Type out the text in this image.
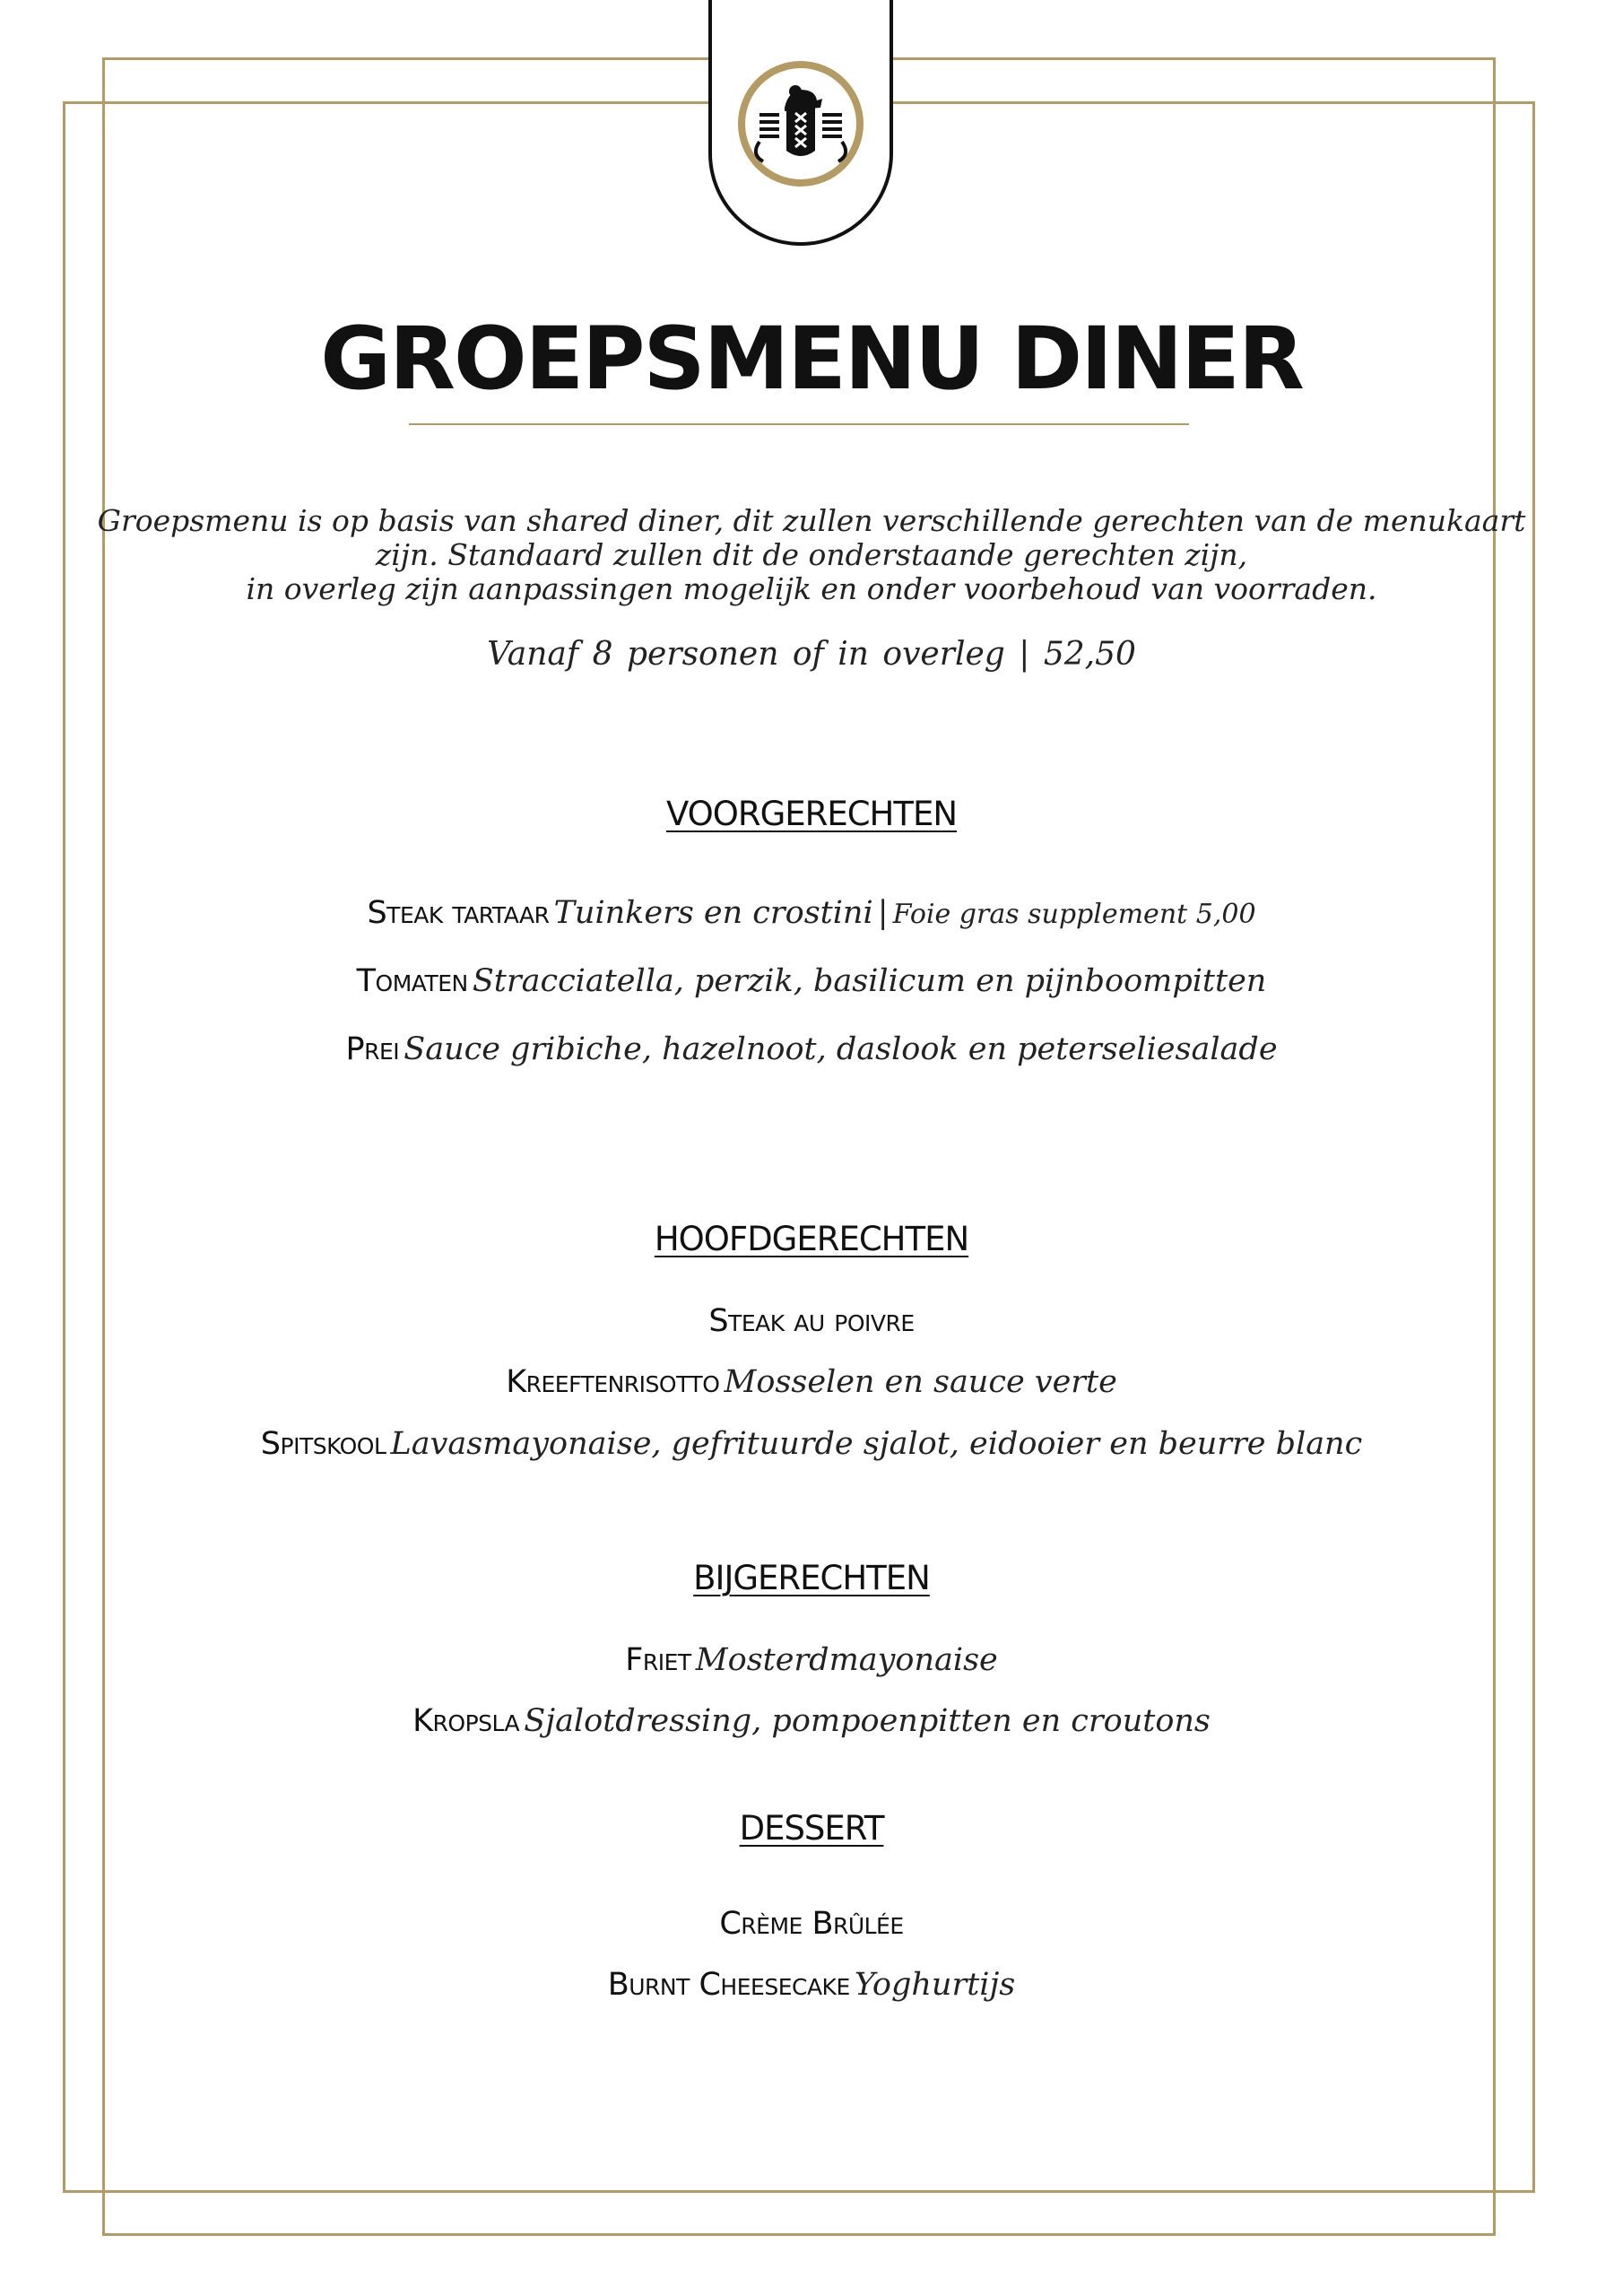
GROEPSMENU DINER
Groepsmenu is op basis van shared diner, dit zullen verschillende gerechten van de menukaart
zijn. Standaard zullen dit de onderstaande gerechten zijn,
in overleg zijn aanpassingen mogelijk en onder voorbehoud van voorraden.
Vanaf 8 personen of in overleg | 52,50
VOORGERECHTEN
Steak tartaar Tuinkers en crostini | Foie gras supplement 5,00
Tomaten Stracciatella, perzik, basilicum en pijnboompitten
Prei Sauce gribiche, hazelnoot, daslook en peterseliesalade
HOOFDGERECHTEN
Steak au poivre
Kreeftenrisotto Mosselen en sauce verte
Spitskool Lavasmayonaise, gefrituurde sjalot, eidooier en beurre blanc
BIJGERECHTEN
Friet Mosterdmayonaise
Kropsla Sjalotdressing, pompoenpitten en croutons
DESSERT
Crème Brûlée
Burnt Cheesecake Yoghurtijs
